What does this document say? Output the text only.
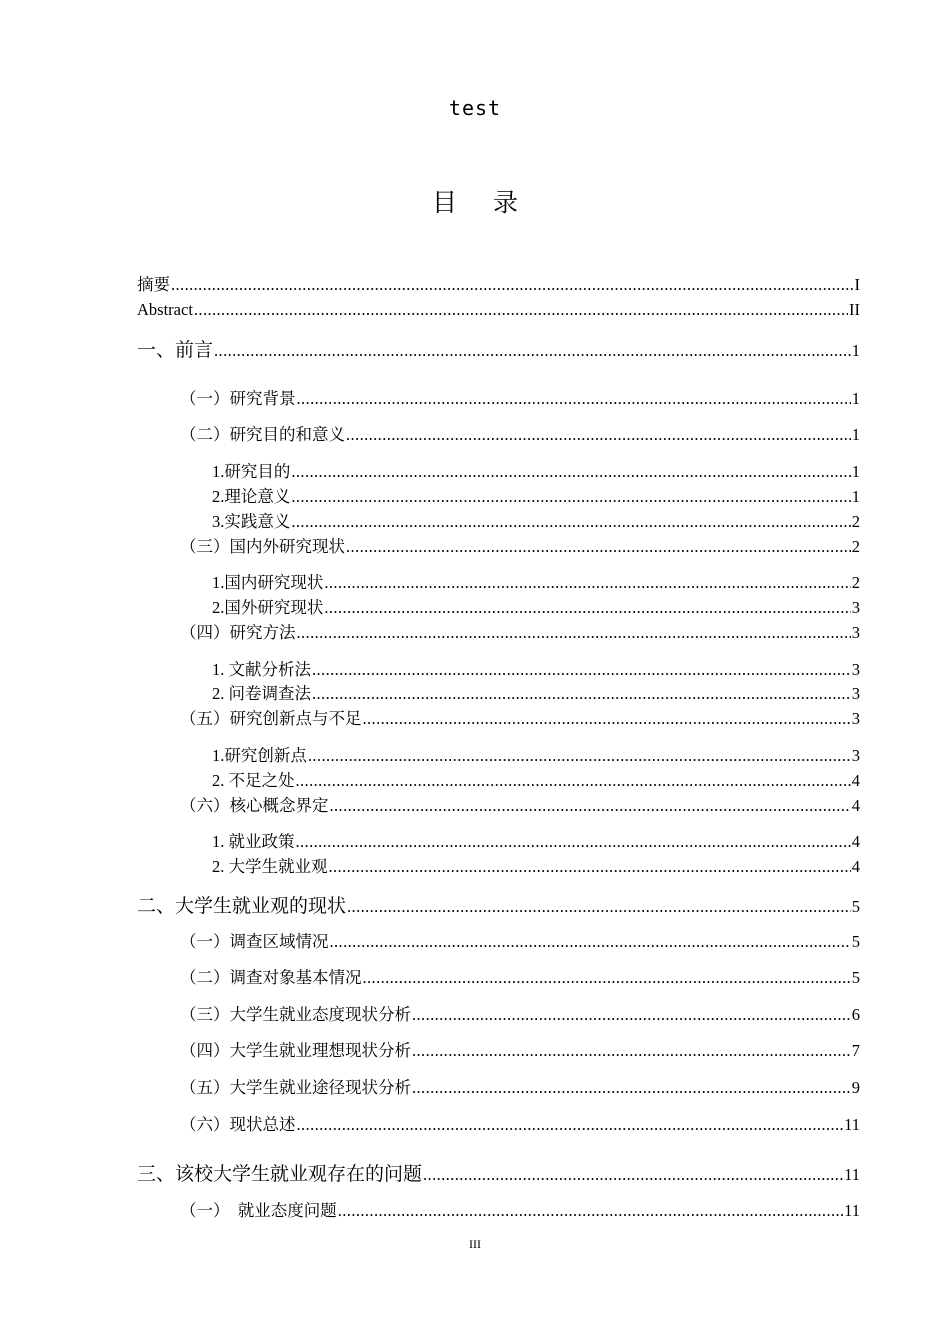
test
目 录
摘要 .....	I
Abstract .....	II
一、前言 .....	1
（一）研究背景 .....	1
（二）研究目的和意义 .....	1
1.研究目的 .....	1
2.理论意义 .....	1
3.实践意义 .....	2
（三）国内外研究现状 .....	2
1.国内研究现状 .....	2
2.国外研究现状 .....	3
（四）研究方法 .....	3
1. 文献分析法 .....	3
2. 问卷调查法 .....	3
（五）研究创新点与不足 .....	3
1.研究创新点 .....	3
2. 不足之处 .....	4
（六）核心概念界定 .....	4
1. 就业政策 .....	4
2. 大学生就业观 .....	4
二、大学生就业观的现状 .....	5
（一）调查区域情况 .....	5
（二）调查对象基本情况 .....	5
（三）大学生就业态度现状分析 .....	6
（四）大学生就业理想现状分析 .....	7
（五）大学生就业途径现状分析 .....	9
（六）现状总述 .....	11
三、该校大学生就业观存在的问题 .....	11
（一）　就业态度问题 .....	11
III
